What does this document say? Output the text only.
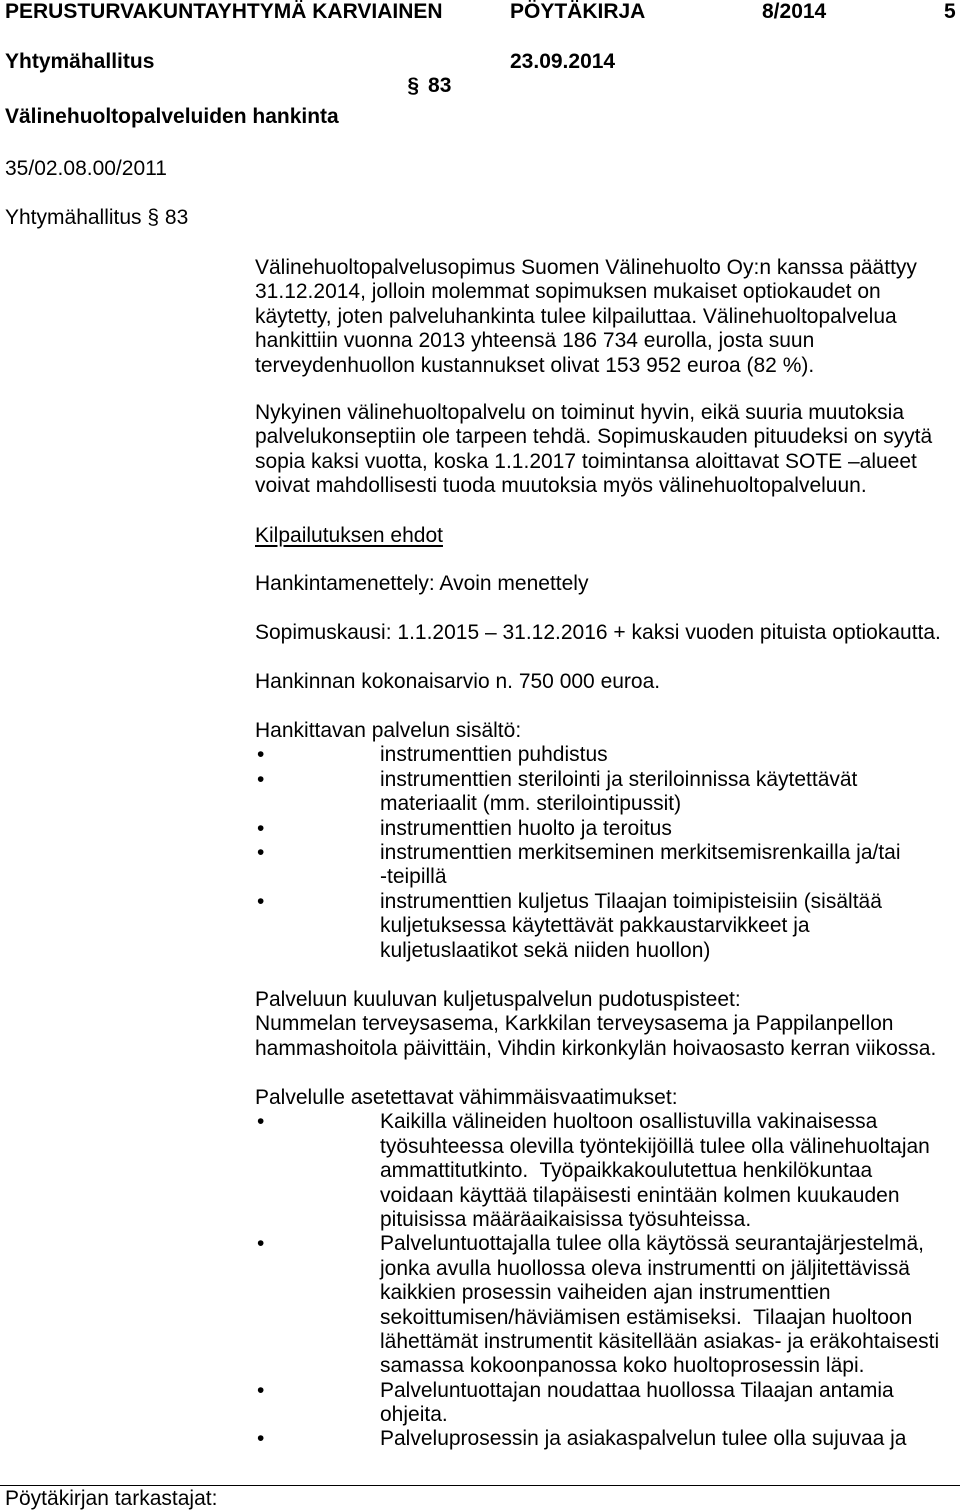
PERUSTURVAKUNTAYHTYMÄ KARVIAINEN	PÖYTÄKIRJA	8/2014	5
Yhtymähallitus

§ 83

23.09.2014
Välinehuoltopalveluiden hankinta
35/02.08.00/2011
Yhtymähallitus § 83
Välinehuoltopalvelusopimus Suomen Välinehuolto Oy:n kanssa päättyy
31.12.2014, jolloin molemmat sopimuksen mukaiset optiokaudet on
käytetty, joten palveluhankinta tulee kilpailuttaa. Välinehuoltopalvelua
hankittiin vuonna 2013 yhteensä 186 734 eurolla, josta suun
terveydenhuollon kustannukset olivat 153 952 euroa (82 %).
Nykyinen välinehuoltopalvelu on toiminut hyvin, eikä suuria muutoksia
palvelukonseptiin ole tarpeen tehdä. Sopimuskauden pituudeksi on syytä
sopia kaksi vuotta, koska 1.1.2017 toimintansa aloittavat SOTE –alueet
voivat mahdollisesti tuoda muutoksia myös välinehuoltopalveluun.
Kilpailutuksen ehdot
Hankintamenettely: Avoin menettely
Sopimuskausi: 1.1.2015 – 31.12.2016 + kaksi vuoden pituista optiokautta.
Hankinnan kokonaisarvio n. 750 000 euroa.
Hankittavan palvelun sisältö:
•	instrumenttien puhdistus
•	instrumenttien sterilointi ja steriloinnissa käytettävät
materiaalit (mm. sterilointipussit)
•	instrumenttien huolto ja teroitus
•	instrumenttien merkitseminen merkitsemisrenkailla ja/tai
-teipillä
•	instrumenttien kuljetus Tilaajan toimipisteisiin (sisältää
kuljetuksessa käytettävät pakkaustarvikkeet ja
kuljetuslaatikot sekä niiden huollon)
Palveluun kuuluvan kuljetuspalvelun pudotuspisteet:
Nummelan terveysasema, Karkkilan terveysasema ja Pappilanpellon
hammashoitola päivittäin, Vihdin kirkonkylän hoivaosasto kerran viikossa.
Palvelulle asetettavat vähimmäisvaatimukset:
•	Kaikilla välineiden huoltoon osallistuvilla vakinaisessa
työsuhteessa olevilla työntekijöillä tulee olla välinehuoltajan
ammattitutkinto.  Työpaikkakoulutettua henkilökuntaa
voidaan käyttää tilapäisesti enintään kolmen kuukauden
pituisissa määräaikaisissa työsuhteissa.
•	Palveluntuottajalla tulee olla käytössä seurantajärjestelmä,
jonka avulla huollossa oleva instrumentti on jäljitettävissä
kaikkien prosessin vaiheiden ajan instrumenttien
sekoittumisen/häviämisen estämiseksi.  Tilaajan huoltoon
lähettämät instrumentit käsitellään asiakas- ja eräkohtaisesti
samassa kokoonpanossa koko huoltoprosessin läpi.
•	Palveluntuottajan noudattaa huollossa Tilaajan antamia
ohjeita.
•	Palveluprosessin ja asiakaspalvelun tulee olla sujuvaa ja
Pöytäkirjan tarkastajat:
